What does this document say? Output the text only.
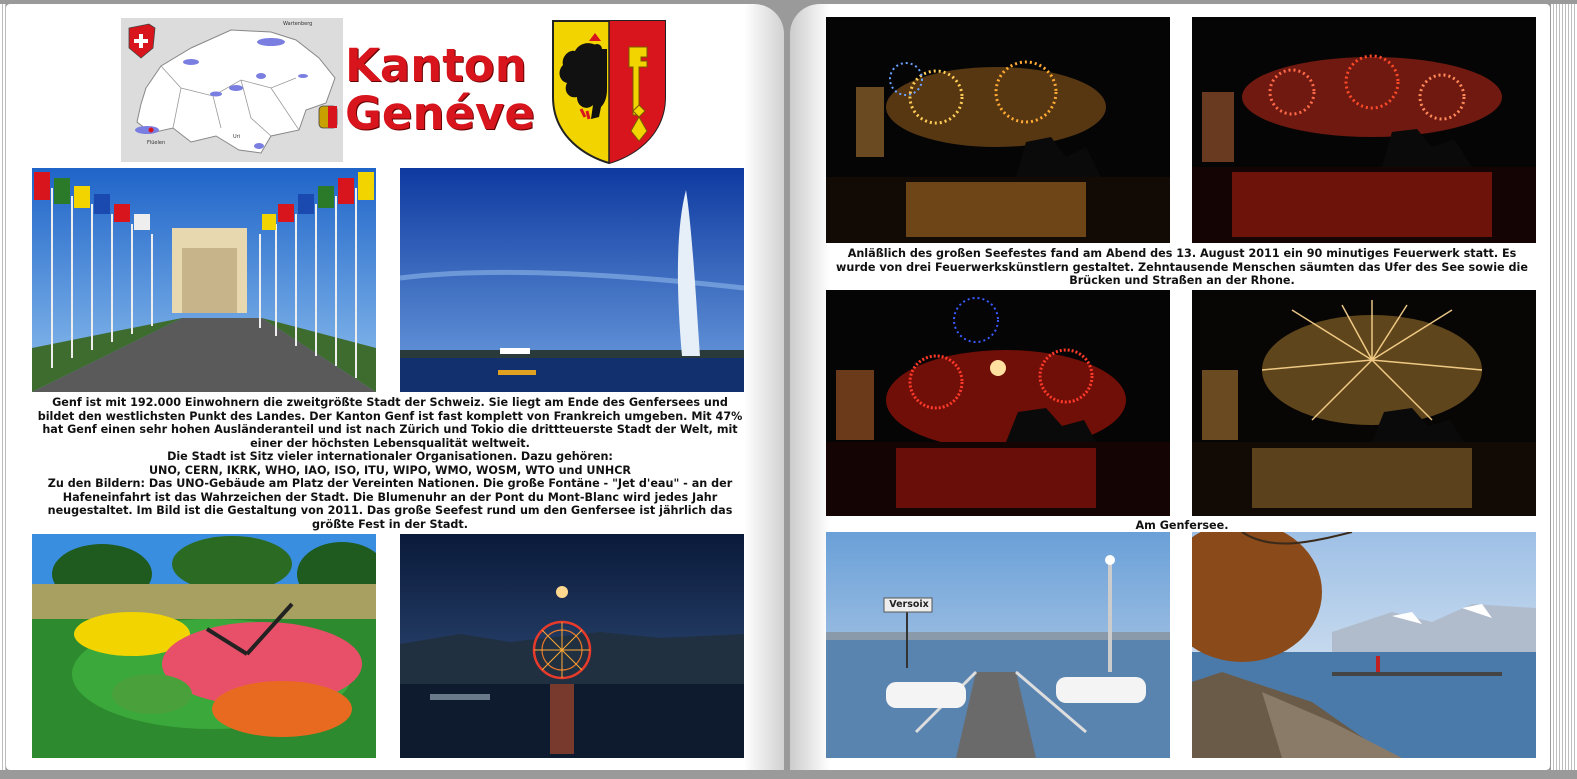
Wartenberg
Flüelen
Uri
Kanton
Genéve
Genf ist mit 192.000 Einwohnern die zweitgrößte Stadt der Schweiz. Sie liegt am Ende des Genfersees und bildet den westlichsten Punkt des Landes. Der Kanton Genf ist fast komplett von Frankreich umgeben. Mit 47% hat Genf einen sehr hohen Ausländeranteil und ist nach Zürich und Tokio die drittteuerste Stadt der Welt, mit einer der höchsten Lebensqualität weltweit.
Die Stadt ist Sitz vieler internationaler Organisationen. Dazu gehören:
UNO, CERN, IKRK, WHO, IAO, ISO, ITU, WIPO, WMO, WOSM, WTO und UNHCR
Zu den Bildern: Das UNO-Gebäude am Platz der Vereinten Nationen. Die große Fontäne - "Jet d'eau" - an der Hafeneinfahrt ist das Wahrzeichen der Stadt. Die Blumenuhr an der Pont du Mont-Blanc wird jedes Jahr neugestaltet. Im Bild ist die Gestaltung von 2011. Das große Seefest rund um den Genfersee ist jährlich das größte Fest in der Stadt.
Anläßlich des großen Seefestes fand am Abend des 13. August 2011 ein 90 minutiges Feuerwerk statt. Es wurde von drei Feuerwerkskünstlern gestaltet. Zehntausende Menschen säumten das Ufer des See sowie die Brücken und Straßen an der Rhone.
Am Genfersee.
Versoix
